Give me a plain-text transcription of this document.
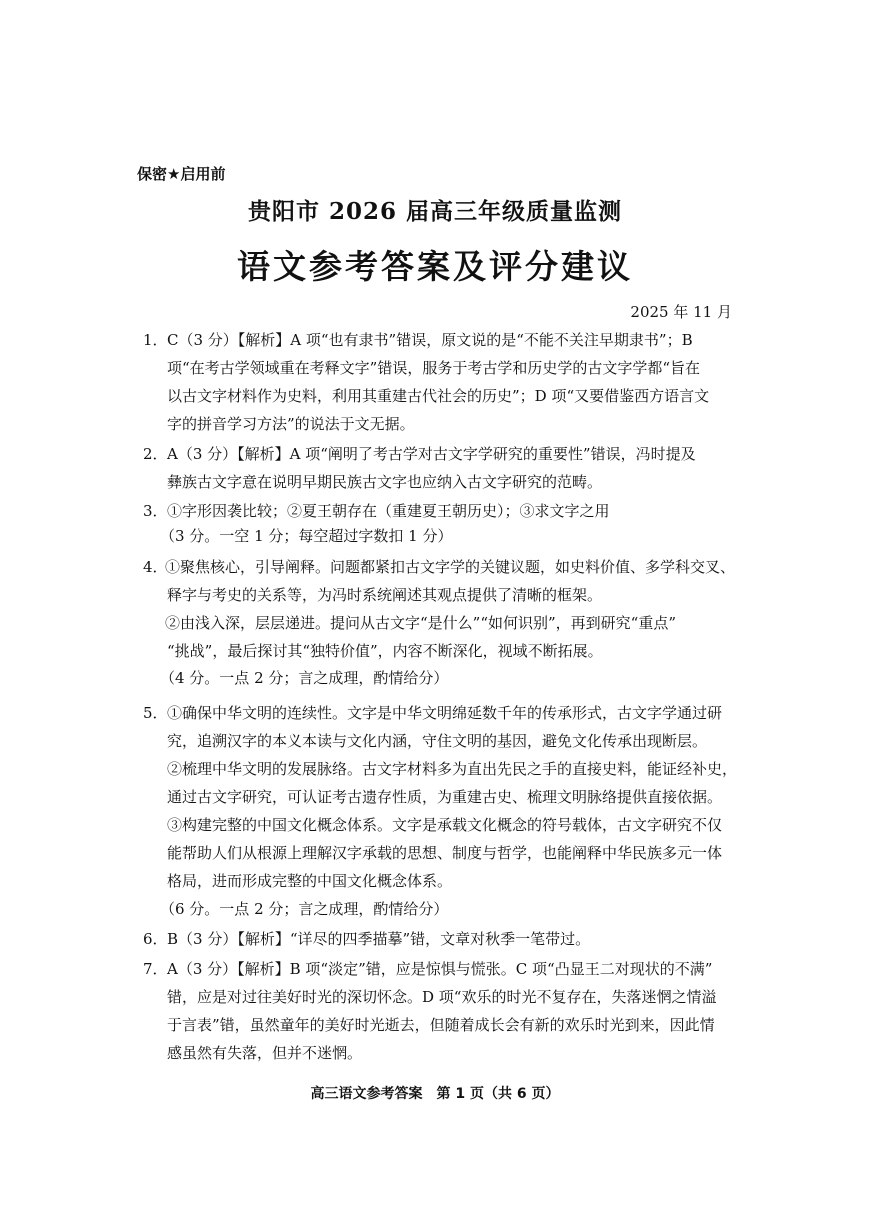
保密★启用前
贵阳市 2026 届高三年级质量监测
语文参考答案及评分建议
2025 年 11 月
1． C（3 分）【解析】A 项“也有隶书”错误，原文说的是“不能不关注早期隶书”；B
项“在考古学领域重在考释文字”错误，服务于考古学和历史学的古文字学都“旨在
以古文字材料作为史料，利用其重建古代社会的历史”；D 项“又要借鉴西方语言文
字的拼音学习方法”的说法于文无据。
2． A（3 分）【解析】A 项“阐明了考古学对古文字学研究的重要性”错误，冯时提及
彝族古文字意在说明早期民族古文字也应纳入古文字研究的范畴。
3． ①字形因袭比较；②夏王朝存在（重建夏王朝历史）；③求文字之用
（3 分。一空 1 分；每空超过字数扣 1 分）
4．
①聚焦核心，引导阐释。问题都紧扣古文字学的关键议题，如史料价值、多学科交叉、
释字与考史的关系等，为冯时系统阐述其观点提供了清晰的框架。
②由浅入深，层层递进。提问从古文字“是什么”“如何识别”，再到研究“重点”
“挑战”，最后探讨其“独特价值”，内容不断深化，视域不断拓展。
（4 分。一点 2 分；言之成理，酌情给分）
5． ①确保中华文明的连续性。文字是中华文明绵延数千年的传承形式，古文字学通过研
究，追溯汉字的本义本读与文化内涵，守住文明的基因，避免文化传承出现断层。
②梳理中华文明的发展脉络。古文字材料多为直出先民之手的直接史料，能证经补史，
通过古文字研究，可认证考古遗存性质，为重建古史、梳理文明脉络提供直接依据。
③构建完整的中国文化概念体系。文字是承载文化概念的符号载体，古文字研究不仅
能帮助人们从根源上理解汉字承载的思想、制度与哲学，也能阐释中华民族多元一体
格局，进而形成完整的中国文化概念体系。
（6 分。一点 2 分；言之成理，酌情给分）
6． B（3 分）【解析】“详尽的四季描摹”错，文章对秋季一笔带过。
7． A（3 分）【解析】B 项“淡定”错，应是惊惧与慌张。C 项“凸显王二对现状的不满”
错，应是对过往美好时光的深切怀念。D 项“欢乐的时光不复存在，失落迷惘之情溢
于言表”错，虽然童年的美好时光逝去，但随着成长会有新的欢乐时光到来，因此情
感虽然有失落，但并不迷惘。
高三语文参考答案　第 1 页（共 6 页）
